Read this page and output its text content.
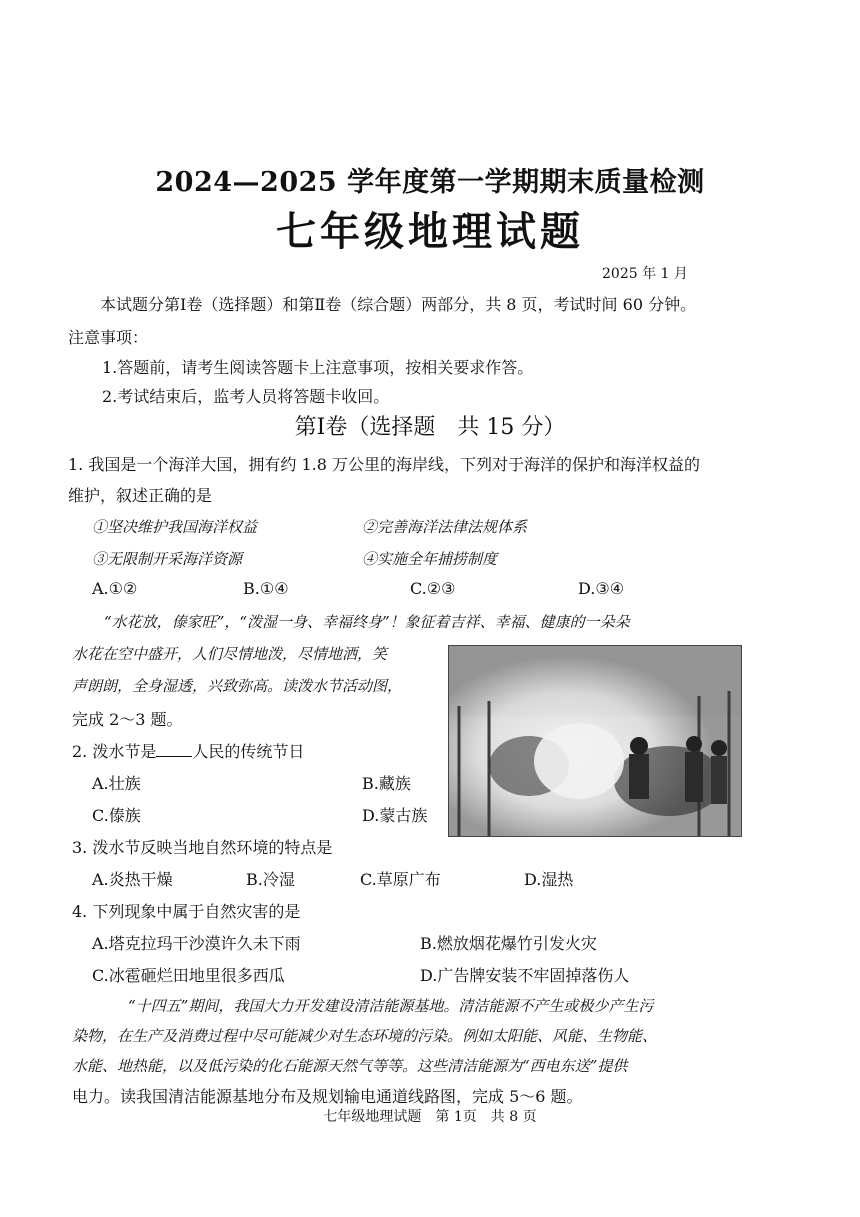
2024—2025 学年度第一学期期末质量检测
七年级地理试题
2025 年 1 月
本试题分第Ⅰ卷（选择题）和第Ⅱ卷（综合题）两部分，共 8 页，考试时间 60 分钟。
注意事项：
1.答题前，请考生阅读答题卡上注意事项，按相关要求作答。
2.考试结束后，监考人员将答题卡收回。
第Ⅰ卷（选择题　共 15 分）
1. 我国是一个海洋大国，拥有约 1.8 万公里的海岸线，下列对于海洋的保护和海洋权益的
维护，叙述正确的是
①坚决维护我国海洋权益	②完善海洋法律法规体系
③无限制开采海洋资源	④实施全年捕捞制度
A.①②	B.①④	C.②③	D.③④
“水花放，傣家旺”，“泼湿一身、幸福终身”！象征着吉祥、幸福、健康的一朵朵
水花在空中盛开，人们尽情地泼，尽情地洒，笑
声朗朗，全身湿透，兴致弥高。读泼水节活动图，
完成 2～3 题。
2. 泼水节是 人民的传统节日
A.壮族	B.藏族
C.傣族	D.蒙古族
3. 泼水节反映当地自然环境的特点是
A.炎热干燥	B.冷湿	C.草原广布	D.湿热
4. 下列现象中属于自然灾害的是
A.塔克拉玛干沙漠许久未下雨	B.燃放烟花爆竹引发火灾
C.冰雹砸烂田地里很多西瓜	D.广告牌安装不牢固掉落伤人
“十四五”期间，我国大力开发建设清洁能源基地。清洁能源不产生或极少产生污
染物，在生产及消费过程中尽可能减少对生态环境的污染。例如太阳能、风能、生物能、
水能、地热能，以及低污染的化石能源天然气等等。这些清洁能源为“西电东送”提供
电力。读我国清洁能源基地分布及规划输电通道线路图，完成 5～6 题。
七年级地理试题　第 1页　共 8 页
